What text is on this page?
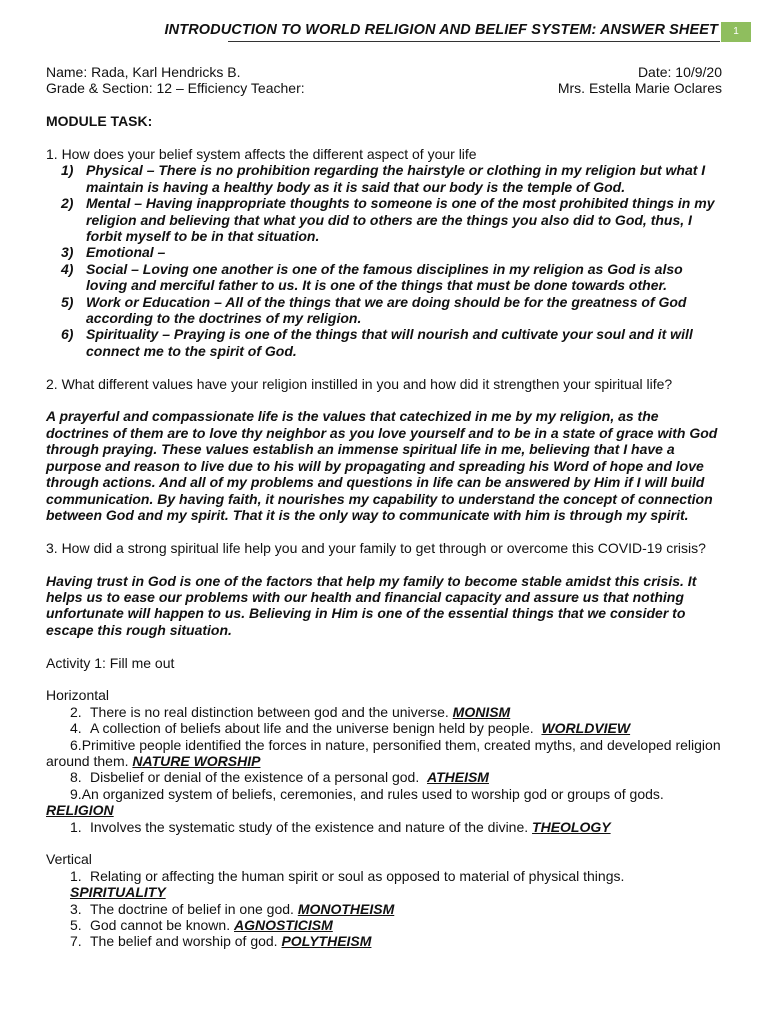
INTRODUCTION TO WORLD RELIGION AND BELIEF SYSTEM: ANSWER SHEET	1
Name: Rada, Karl Hendricks B.	Date: 10/9/20
Grade & Section: 12 – Efficiency Teacher:	Mrs. Estella Marie Oclares
MODULE TASK:
1. How does your belief system affects the different aspect of your life
1) Physical – There is no prohibition regarding the hairstyle or clothing in my religion but what I maintain is having a healthy body as it is said that our body is the temple of God.
2) Mental – Having inappropriate thoughts to someone is one of the most prohibited things in my religion and believing that what you did to others are the things you also did to God, thus, I forbit myself to be in that situation.
3) Emotional –
4) Social – Loving one another is one of the famous disciplines in my religion as God is also loving and merciful father to us. It is one of the things that must be done towards other.
5) Work or Education – All of the things that we are doing should be for the greatness of God according to the doctrines of my religion.
6) Spirituality – Praying is one of the things that will nourish and cultivate your soul and it will connect me to the spirit of God.
2. What different values have your religion instilled in you and how did it strengthen your spiritual life?
A prayerful and compassionate life is the values that catechized in me by my religion, as the doctrines of them are to love thy neighbor as you love yourself and to be in a state of grace with God through praying. These values establish an immense spiritual life in me, believing that I have a purpose and reason to live due to his will by propagating and spreading his Word of hope and love through actions. And all of my problems and questions in life can be answered by Him if I will build communication. By having faith, it nourishes my capability to understand the concept of connection between God and my spirit. That it is the only way to communicate with him is through my spirit.
3. How did a strong spiritual life help you and your family to get through or overcome this COVID-19 crisis?
Having trust in God is one of the factors that help my family to become stable amidst this crisis. It helps us to ease our problems with our health and financial capacity and assure us that nothing unfortunate will happen to us. Believing in Him is one of the essential things that we consider to escape this rough situation.
Activity 1: Fill me out
Horizontal
2. There is no real distinction between god and the universe. MONISM
4. A collection of beliefs about life and the universe benign held by people. WORLDVIEW
6.Primitive people identified the forces in nature, personified them, created myths, and developed religion around them. NATURE WORSHIP
8. Disbelief or denial of the existence of a personal god. ATHEISM
9.An organized system of beliefs, ceremonies, and rules used to worship god or groups of gods.
RELIGION
1. Involves the systematic study of the existence and nature of the divine. THEOLOGY
Vertical
1. Relating or affecting the human spirit or soul as opposed to material of physical things. SPIRITUALITY
3. The doctrine of belief in one god. MONOTHEISM
5. God cannot be known. AGNOSTICISM
7. The belief and worship of god. POLYTHEISM
